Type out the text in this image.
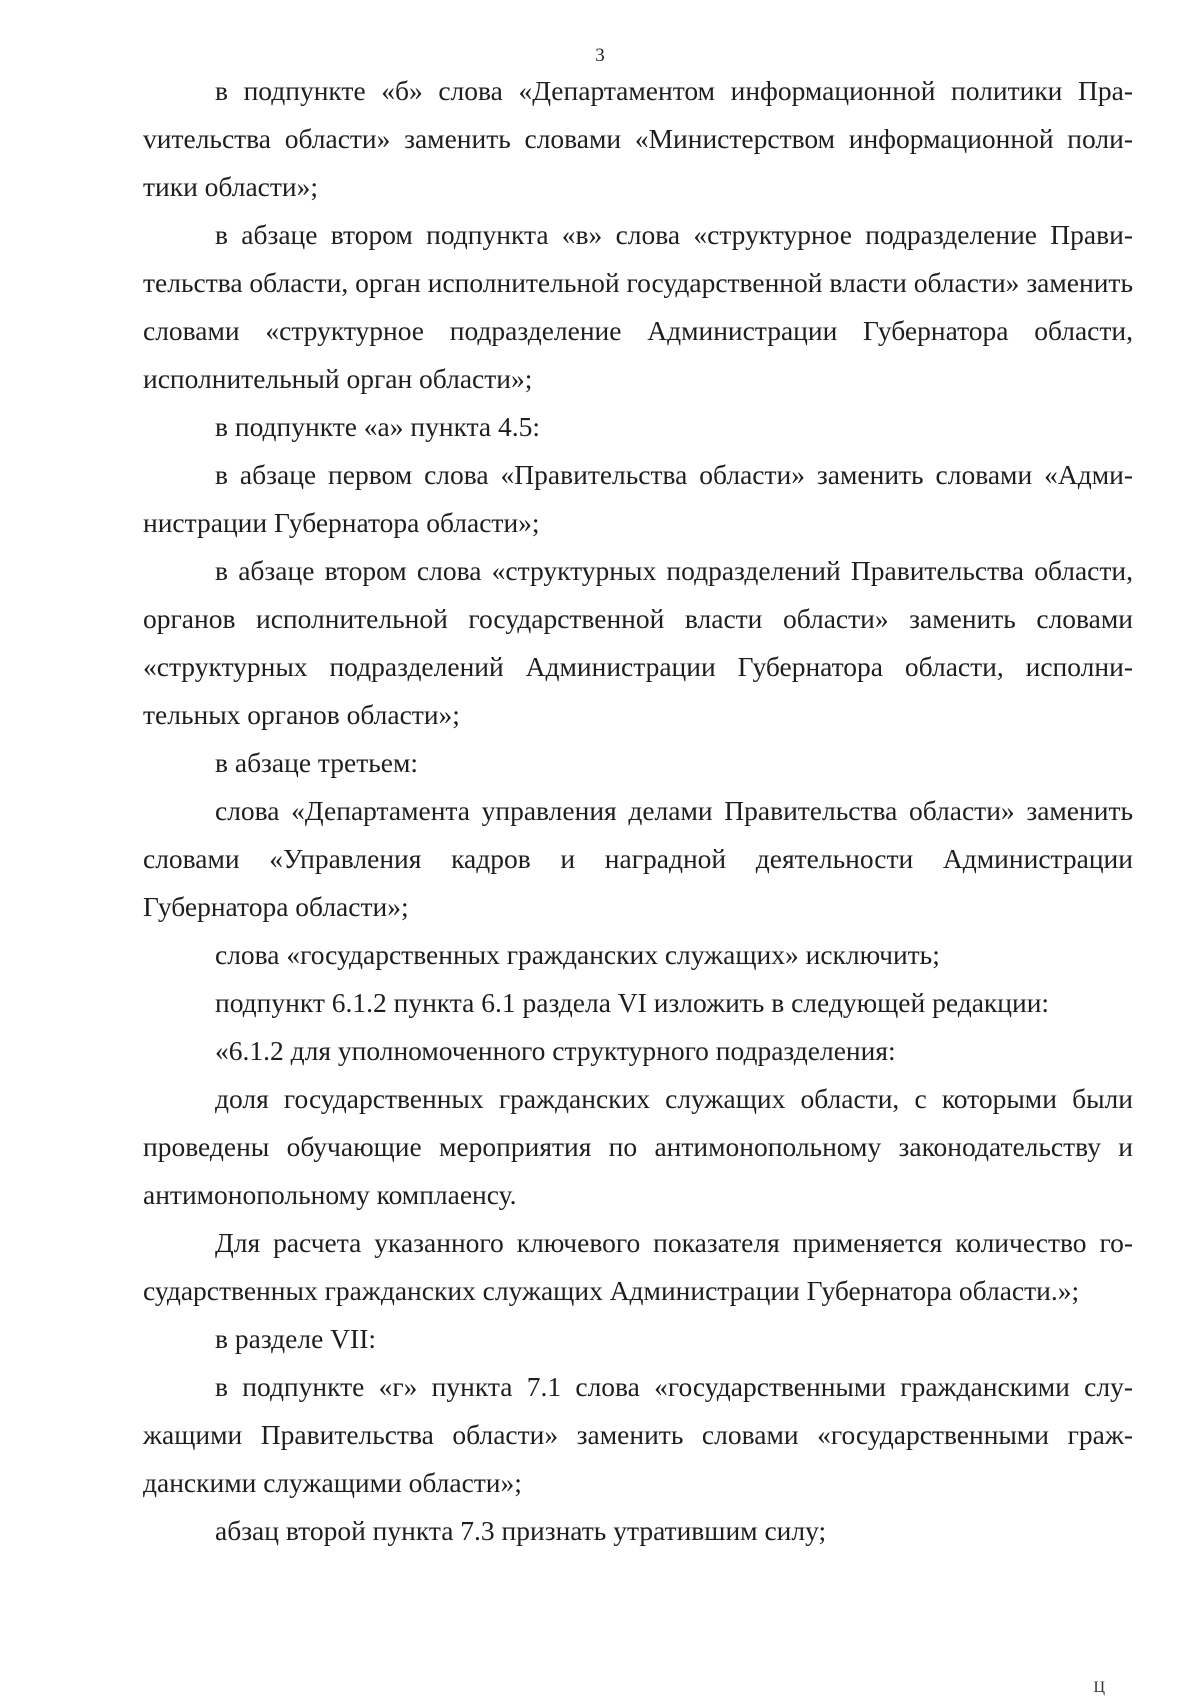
3

в подпункте «б» слова «Департаментом информационной политики Праvительства области» заменить словами «Министерством информационной политики области»;

в абзаце втором подпункта «в» слова «структурное подразделение Правительства области, орган исполнительной государственной власти области» заменить словами «структурное подразделение Администрации Губернатора области, исполнительный орган области»;

в подпункте «а» пункта 4.5:

в абзаце первом слова «Правительства области» заменить словами «Администрации Губернатора области»;

в абзаце втором слова «структурных подразделений Правительства области, органов исполнительной государственной власти области» заменить словами «структурных подразделений Администрации Губернатора области, исполнительных органов области»;

в абзаце третьем:

слова «Департамента управления делами Правительства области» заменить словами «Управления кадров и наградной деятельности Администрации Губернатора области»;

слова «государственных гражданских служащих» исключить;

подпункт 6.1.2 пункта 6.1 раздела VI изложить в следующей редакции:

«6.1.2 для уполномоченного структурного подразделения:

доля государственных гражданских служащих области, с которыми были проведены обучающие мероприятия по антимонопольному законодательству и антимонопольному комплаенсу.

Для расчета указанного ключевого показателя применяется количество государственных гражданских служащих Администрации Губернатора области.»;

в разделе VII:

в подпункте «г» пункта 7.1 слова «государственными гражданскими служащими Правительства области» заменить словами «государственными гражданскими служащими области»;

абзац второй пункта 7.3 признать утратившим силу;

Ц
